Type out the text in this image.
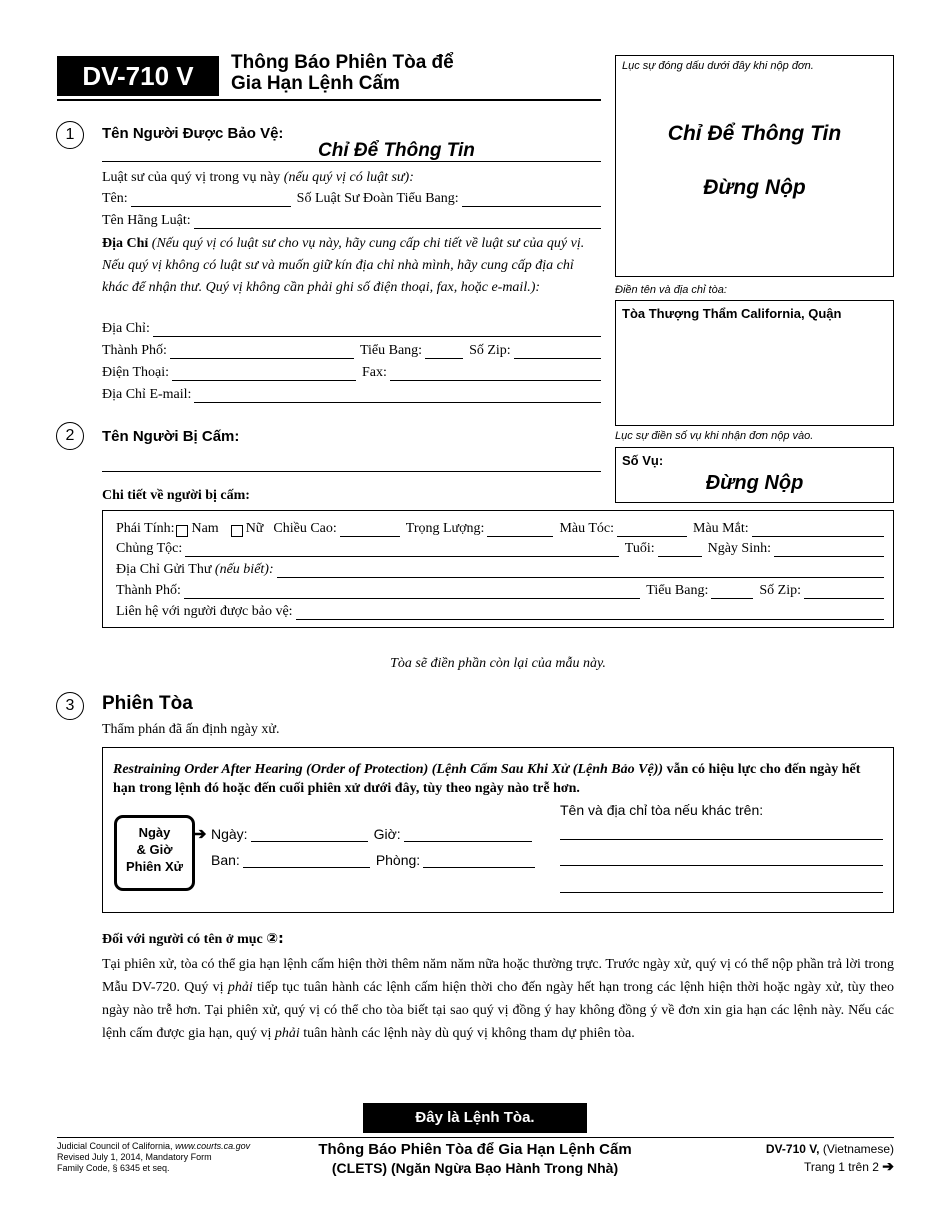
DV-710 V	Thông Báo Phiên Tòa để
Gia Hạn Lệnh Cấm
Lục sự đóng dấu dưới đây khi nộp đơn.
Chỉ Để Thông Tin
Đừng Nộp
Điền tên và địa chỉ tòa:
Tòa Thượng Thẩm California, Quận
Lục sự điền số vụ khi nhận đơn nộp vào.
Số Vụ:
Đừng Nộp
1	Tên Người Được Bảo Vệ:
Chỉ Để Thông Tin
Luật sư của quý vị trong vụ này
(nếu quý vị có luật sư):
Tên:	Số Luật Sư Đoàn Tiểu Bang:
Tên Hãng Luật:
Địa Chỉ (Nếu quý vị có luật sư cho vụ này, hãy cung cấp chi tiết về luật sư của quý vị. Nếu quý vị không có luật sư và muốn giữ kín địa chỉ nhà mình, hãy cung cấp địa chỉ khác để nhận thư. Quý vị không cần phải ghi số điện thoại, fax, hoặc e-mail.):
Địa Chỉ:
Thành Phố:	Tiểu Bang:	Số Zip:
Điện Thoại:	Fax:
Địa Chỉ E-mail:
2	Tên Người Bị Cấm:
Chi tiết về người bị cấm:
Phái Tính: Nam Nữ Chiều Cao:	Trọng Lượng:	Màu Tóc:	Màu Mắt:
Chủng Tộc:	Tuổi:	Ngày Sinh:
Địa Chỉ Gửi Thư
(nếu biết):
Thành Phố:	Tiểu Bang:	Số Zip:
Liên hệ với người được bảo vệ:
Tòa sẽ điền phần còn lại của mẫu này.
3	Phiên Tòa
Thẩm phán đã ấn định ngày xử.
Restraining Order After Hearing (Order of Protection) (Lệnh Cấm Sau Khi Xử (Lệnh Bảo Vệ)) vẫn có hiệu lực cho đến ngày hết hạn trong lệnh đó hoặc đến cuối phiên xử dưới đây, tùy theo ngày nào trễ hơn.
Tên và địa chỉ tòa nếu khác trên:
Ngày
& Giờ
Phiên Xử
➔ Ngày:	Giờ:
Ban:	Phòng:
Đối với người có tên ở mục ②:
Tại phiên xử, tòa có thể gia hạn lệnh cấm hiện thời thêm năm năm nữa hoặc thường trực. Trước ngày xử, quý vị có thể nộp phần trả lời trong Mẫu DV-720. Quý vị phải tiếp tục tuân hành các lệnh cấm hiện thời cho đến ngày hết hạn trong các lệnh hiện thời hoặc ngày xử, tùy theo ngày nào trễ hơn. Tại phiên xử, quý vị có thể cho tòa biết tại sao quý vị đồng ý hay không đồng ý về đơn xin gia hạn các lệnh này. Nếu các lệnh cấm được gia hạn, quý vị phải tuân hành các lệnh này dù quý vị không tham dự phiên tòa.
Đây là Lệnh Tòa.
Judicial Council of California, www.courts.ca.gov
Revised July 1, 2014, Mandatory Form
Family Code, § 6345 et seq.
Thông Báo Phiên Tòa để Gia Hạn Lệnh Cấm
(CLETS) (Ngăn Ngừa Bạo Hành Trong Nhà)
DV-710 V, (Vietnamese)
Trang 1 trên 2 ➔
